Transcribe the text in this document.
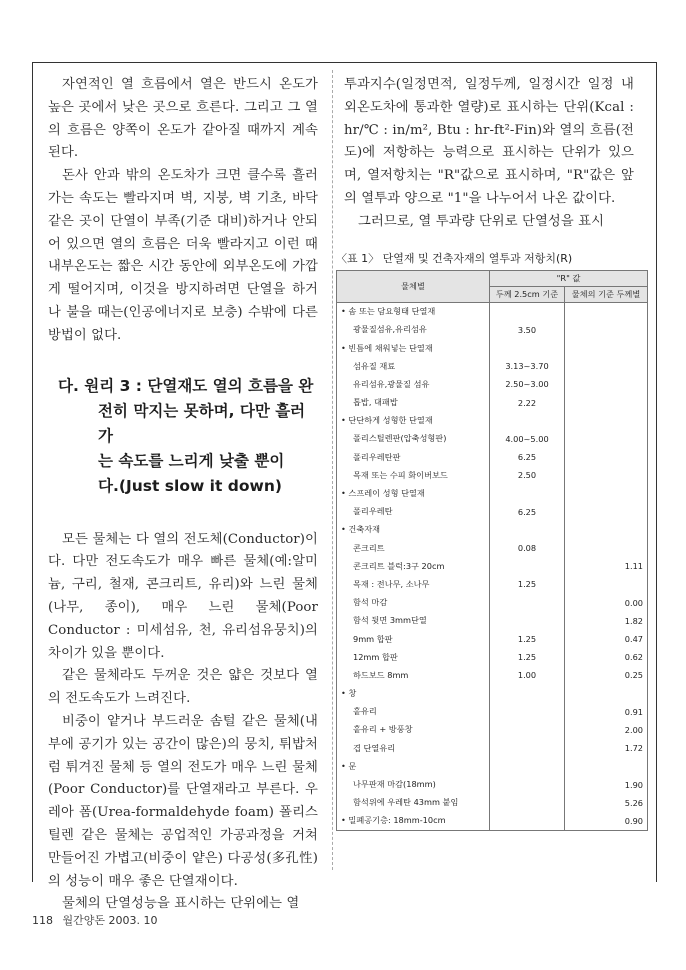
자연적인 열 흐름에서 열은 반드시 온도가 높은 곳에서 낮은 곳으로 흐른다. 그리고 그 열의 흐름은 양쪽이 온도가 같아질 때까지 계속된다.

돈사 안과 밖의 온도차가 크면 클수록 흘러가는 속도는 빨라지며 벽, 지붕, 벽 기초, 바닥 같은 곳이 단열이 부족(기준 대비)하거나 안되어 있으면 열의 흐름은 더욱 빨라지고 이런 때 내부온도는 짧은 시간 동안에 외부온도에 가깝게 떨어지며, 이것을 방지하려면 단열을 하거나 불을 때는(인공에너지로 보충) 수밖에 다른 방법이 없다.

다. 원리 3 : 단열재도 열의 흐름을 완
전히 막지는 못하며, 다만 흘러가
는 속도를 느리게 낮출 뿐이
다.(Just slow it down)

모든 물체는 다 열의 전도체(Conductor)이다. 다만 전도속도가 매우 빠른 물체(예:알미늄, 구리, 철재, 콘크리트, 유리)와 느린 물체(나무, 종이), 매우 느린 물체(Poor Conductor : 미세섬유, 천, 유리섬유뭉치)의 차이가 있을 뿐이다.

같은 물체라도 두꺼운 것은 얇은 것보다 열의 전도속도가 느려진다.

비중이 얕거나 부드러운 솜털 같은 물체(내부에 공기가 있는 공간이 많은)의 뭉치, 튀밥처럼 튀겨진 물체 등 열의 전도가 매우 느린 물체(Poor Conductor)를 단열재라고 부른다. 우레아 폼(Urea-formaldehyde foam) 폴리스틸렌 같은 물체는 공업적인 가공과정을 거쳐 만들어진 가볍고(비중이 얕은) 다공성(多孔性)의 성능이 매우 좋은 단열재이다.

물체의 단열성능을 표시하는 단위에는 열

투과지수(일정면적, 일정두께, 일정시간 일정 내외온도차에 통과한 열량)로 표시하는 단위(Kcal : hr/℃ : in/m², Btu : hr-ft²-Fin)와 열의 흐름(전도)에 저항하는 능력으로 표시하는 단위가 있으며, 열저항치는 "R"값으로 표시하며, "R"값은 앞의 열투과 양으로 "1"을 나누어서 나온 값이다.

그러므로, 열 투과량 단위로 단열성을 표시

〈표 1〉 단열재 및 건축자재의 열투과 저항치(R)
물체별	"R" 값	
	두께 2.5cm 기준	물체의 기준 두께별
• 솜 또는 담요형태 단열재		
광물질섬유,유리섬유	3.50	
• 빈틈에 채워넣는 단열재		
섬유질 재료	3.13~3.70	
유리섬유,광물질 섬유	2.50~3.00	
톱밥, 대패밥	2.22	
• 단단하게 성형한 단열재		
폴리스틸렌판(압축성형판)	4.00~5.00	
폴리우레탄판	6.25	
목재 또는 수피 화이버보드	2.50	
• 스프레이 성형 단열재		
폴리우레탄	6.25	
• 건축자재		
콘크리트	0.08	
콘크리트 블럭:3구 20cm		1.11
목재 : 전나무, 소나무	1.25	
함석 마감		0.00
함석 뒷면 3mm단열		1.82
9mm 합판	1.25	0.47
12mm 합판	1.25	0.62
하드보드 8mm	1.00	0.25
• 창		
홑유리		0.91
홑유리 + 방풍창		2.00
겹 단열유리		1.72
• 문		
나무판재 마감(18mm)		1.90
함석위에 우레탄 43mm 붙임		5.26
• 밀폐공기층: 18mm-10cm		0.90
118 월간양돈 2003. 10
